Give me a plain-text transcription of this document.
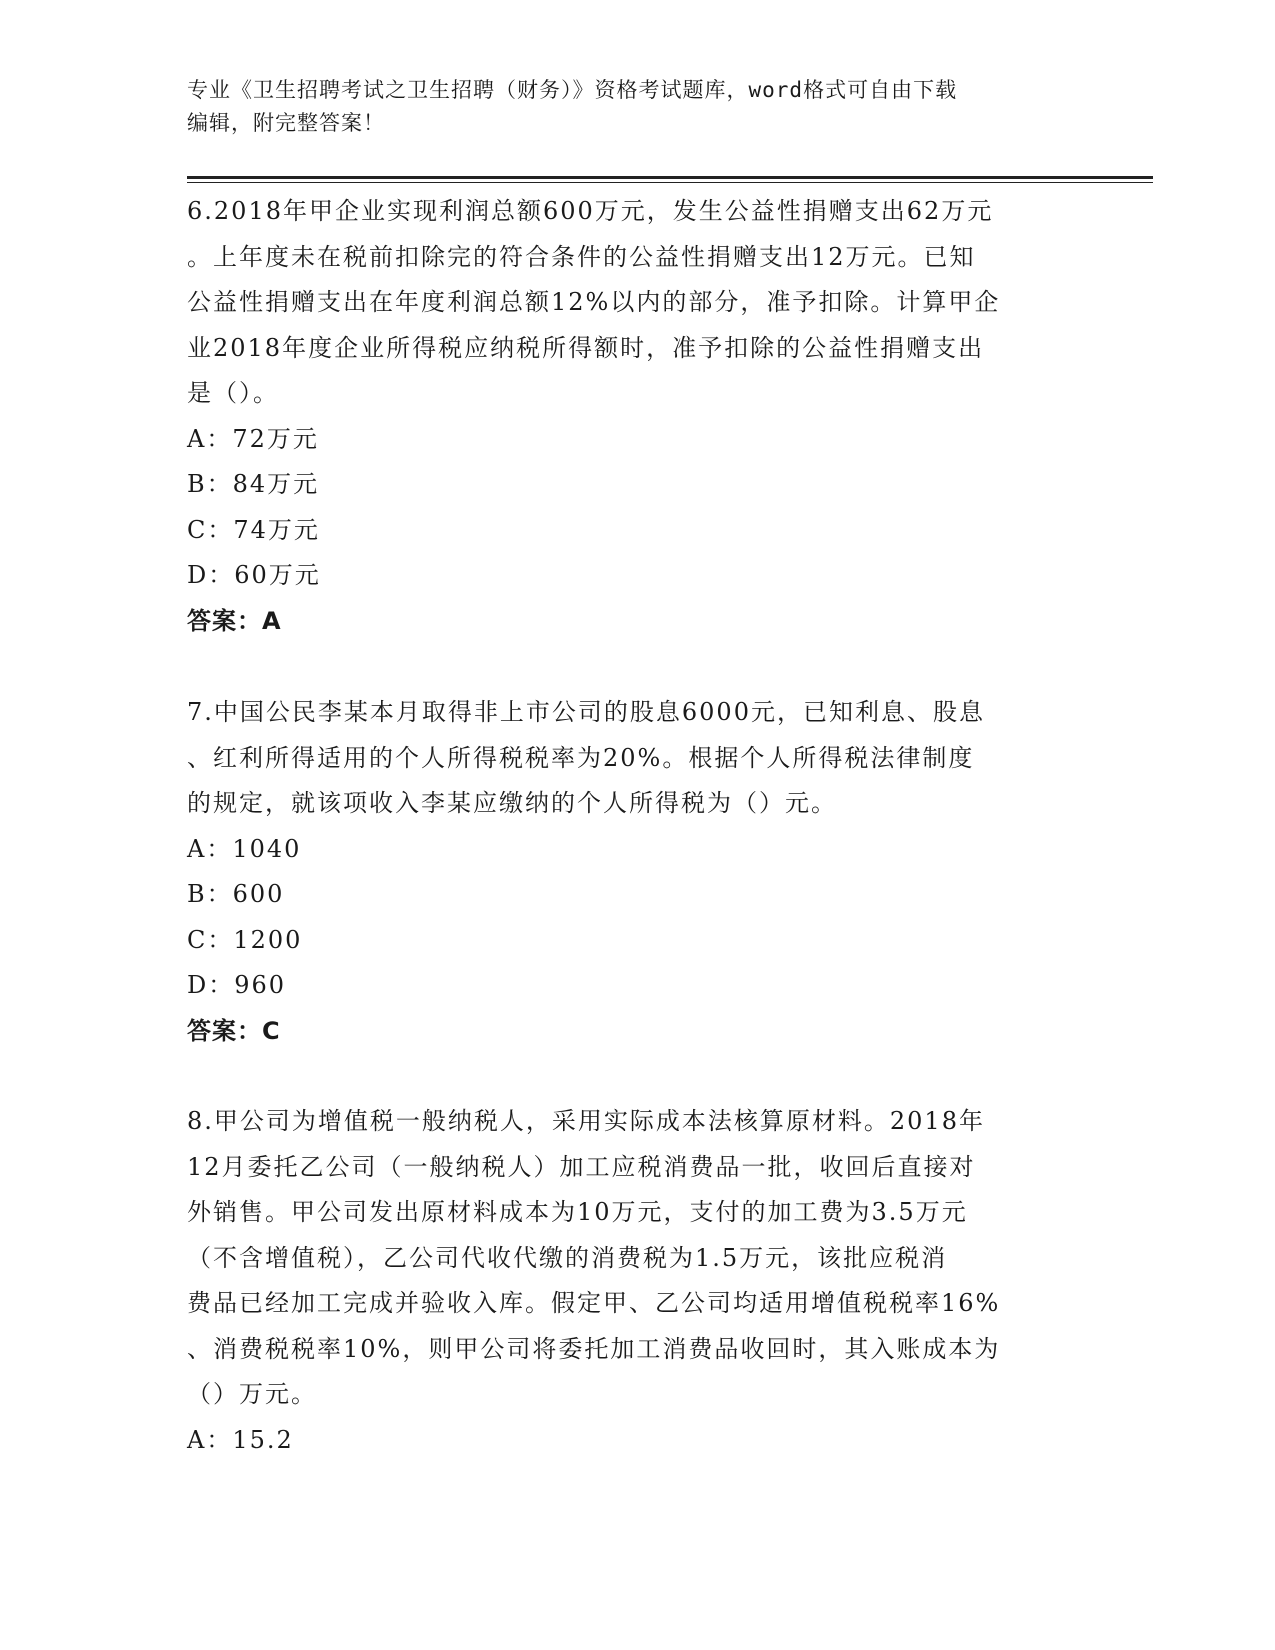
专业《卫生招聘考试之卫生招聘（财务）》资格考试题库，word格式可自由下载
编辑，附完整答案！
6.2018年甲企业实现利润总额600万元，发生公益性捐赠支出62万元
。上年度未在税前扣除完的符合条件的公益性捐赠支出12万元。已知
公益性捐赠支出在年度利润总额12%以内的部分，准予扣除。计算甲企
业2018年度企业所得税应纳税所得额时，准予扣除的公益性捐赠支出
是（）。
A：72万元
B：84万元
C：74万元
D：60万元
答案：A
7.中国公民李某本月取得非上市公司的股息6000元，已知利息、股息
、红利所得适用的个人所得税税率为20%。根据个人所得税法律制度
的规定，就该项收入李某应缴纳的个人所得税为（）元。
A：1040
B：600
C：1200
D：960
答案：C
8.甲公司为增值税一般纳税人，采用实际成本法核算原材料。2018年
12月委托乙公司（一般纳税人）加工应税消费品一批，收回后直接对
外销售。甲公司发出原材料成本为10万元，支付的加工费为3.5万元
（不含增值税），乙公司代收代缴的消费税为1.5万元，该批应税消
费品已经加工完成并验收入库。假定甲、乙公司均适用增值税税率16%
、消费税税率10%，则甲公司将委托加工消费品收回时，其入账成本为
（）万元。
A：15.2
